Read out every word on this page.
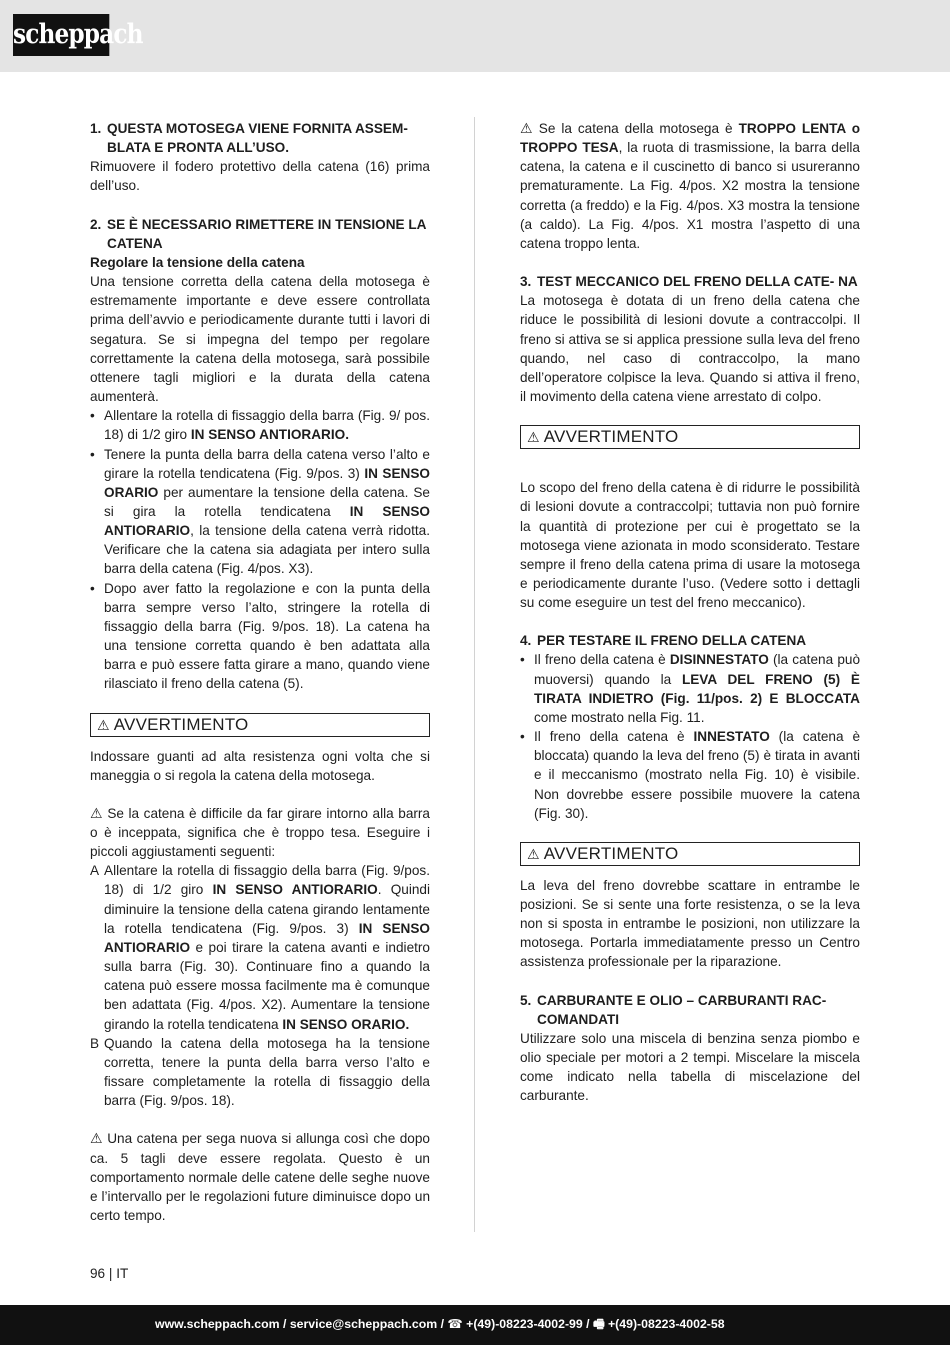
scheppach
1. QUESTA MOTOSEGA VIENE FORNITA ASSEM- BLATA E PRONTA ALL’USO.

Rimuovere il fodero protettivo della catena (16) prima dell’uso.

2. SE È NECESSARIO RIMETTERE IN TENSIONE LA CATENA
Regolare la tensione della catena

Una tensione corretta della catena della motosega è estremamente importante e deve essere controllata prima dell’avvio e periodicamente durante tutti i lavori di segatura. Se si impegna del tempo per regolare correttamente la catena della motosega, sarà possibile ottenere tagli migliori e la durata della catena aumenterà.

• Allentare la rotella di fissaggio della barra (Fig. 9/ pos. 18) di 1/2 giro IN SENSO ANTIORARIO.
• Tenere la punta della barra della catena verso l’alto e girare la rotella tendicatena (Fig. 9/pos. 3) IN SENSO ORARIO per aumentare la tensione della catena. Se si gira la rotella tendicatena IN SENSO ANTIORARIO, la tensione della catena verrà ridotta. Verificare che la catena sia adagiata per intero sulla barra della catena (Fig. 4/pos. X3).
• Dopo aver fatto la regolazione e con la punta della barra sempre verso l’alto, stringere la rotella di fissaggio della barra (Fig. 9/pos. 18). La catena ha una tensione corretta quando è ben adattata alla barra e può essere fatta girare a mano, quando viene rilasciato il freno della catena (5).
⚠ AVVERTIMENTO

Indossare guanti ad alta resistenza ogni volta che si maneggia o si regola la catena della motosega.

⚠ Se la catena è difficile da far girare intorno alla barra o è inceppata, significa che è troppo tesa. Eseguire i piccoli aggiustamenti seguenti:

A Allentare la rotella di fissaggio della barra (Fig. 9/pos. 18) di 1/2 giro IN SENSO ANTIORARIO. Quindi diminuire la tensione della catena girando lentamente la rotella tendicatena (Fig. 9/pos. 3) IN SENSO ANTIORARIO e poi tirare la catena avanti e indietro sulla barra (Fig. 30). Continuare fino a quando la catena può essere mossa facilmente ma è comunque ben adattata (Fig. 4/pos. X2). Aumentare la tensione girando la rotella tendicatena IN SENSO ORARIO.
B Quando la catena della motosega ha la tensione corretta, tenere la punta della barra verso l’alto e fissare completamente la rotella di fissaggio della barra (Fig. 9/pos. 18).

⚠ Una catena per sega nuova si allunga così che dopo ca. 5 tagli deve essere regolata. Questo è un comportamento normale delle catene delle seghe nuove e l’intervallo per le regolazioni future diminuisce dopo un certo tempo.

⚠ Se la catena della motosega è TROPPO LENTA o TROPPO TESA, la ruota di trasmissione, la barra della catena, la catena e il cuscinetto di banco si usureranno prematuramente. La Fig. 4/pos. X2 mostra la tensione corretta (a freddo) e la Fig. 4/pos. X3 mostra la tensione (a caldo). La Fig. 4/pos. X1 mostra l’aspetto di una catena troppo lenta.

3. TEST MECCANICO DEL FRENO DELLA CATE- NA

La motosega è dotata di un freno della catena che riduce le possibilità di lesioni dovute a contraccolpi. Il freno si attiva se si applica pressione sulla leva del freno quando, nel caso di contraccolpo, la mano dell’operatore colpisce la leva. Quando si attiva il freno, il movimento della catena viene arrestato di colpo.

⚠ AVVERTIMENTO

Lo scopo del freno della catena è di ridurre le possibilità di lesioni dovute a contraccolpi; tuttavia non può fornire la quantità di protezione per cui è progettato se la motosega viene azionata in modo sconsiderato. Testare sempre il freno della catena prima di usare la motosega e periodicamente durante l’uso. (Vedere sotto i dettagli su come eseguire un test del freno meccanico).

4. PER TESTARE IL FRENO DELLA CATENA
• Il freno della catena è DISINNESTATO (la catena può muoversi) quando la LEVA DEL FRENO (5) È TIRATA INDIETRO (Fig. 11/pos. 2) E BLOCCATA come mostrato nella Fig. 11.
• Il freno della catena è INNESTATO (la catena è bloccata) quando la leva del freno (5) è tirata in avanti e il meccanismo (mostrato nella Fig. 10) è visibile. Non dovrebbe essere possibile muovere la catena (Fig. 30).
⚠ AVVERTIMENTO

La leva del freno dovrebbe scattare in entrambe le posizioni. Se si sente una forte resistenza, o se la leva non si sposta in entrambe le posizioni, non utilizzare la motosega. Portarla immediatamente presso un Centro assistenza professionale per la riparazione.

5. CARBURANTE E OLIO – CARBURANTI RAC- COMANDATI

Utilizzare solo una miscela di benzina senza piombo e olio speciale per motori a 2 tempi. Miscelare la miscela come indicato nella tabella di miscelazione del carburante.

96 | IT
www.scheppach.com / service@scheppach.com / ☎ +(49)-08223-4002-99 / 🖷 +(49)-08223-4002-58
